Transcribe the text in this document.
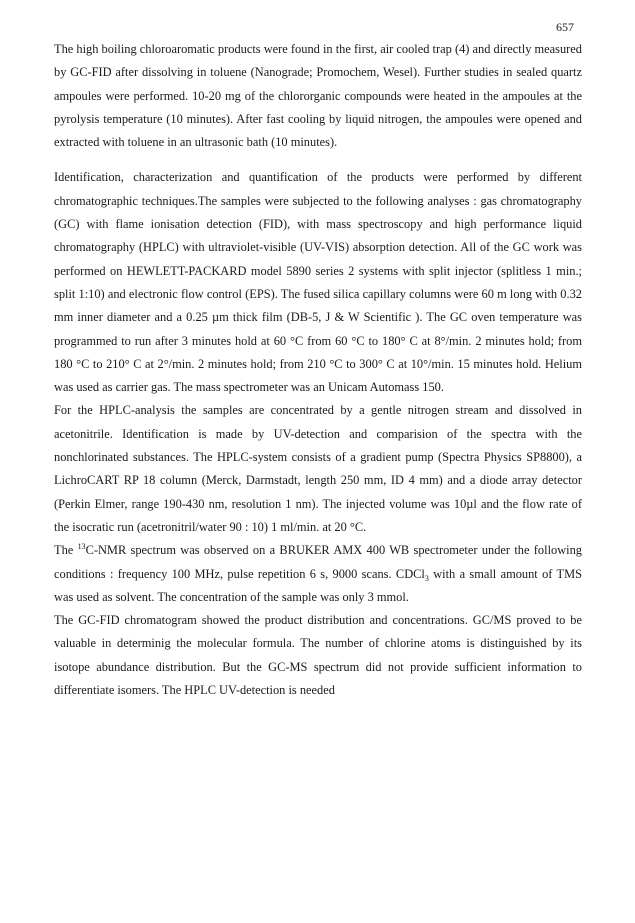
657

The high boiling chloroaromatic products were found in the first, air cooled trap (4) and directly measured by GC-FID after dissolving in toluene (Nanograde; Promochem, Wesel). Further studies in sealed quartz ampoules were performed. 10-20 mg of the chlororganic compounds were heated in the ampoules at the pyrolysis temperature (10 minutes). After fast cooling by liquid nitrogen, the ampoules were opened and extracted with toluene in an ultrasonic bath (10 minutes).

Identification, characterization and quantification of the products were performed by different chromatographic techniques.The samples were subjected to the following analyses : gas chromatography (GC) with flame ionisation detection (FID), with mass spectroscopy and high performance liquid chromatography (HPLC) with ultraviolet-visible (UV-VIS) absorption detection. All of the GC work was performed on HEWLETT-PACKARD model 5890 series 2 systems with split injector (splitless 1 min.; split 1:10) and electronic flow control (EPS). The fused silica capillary columns were 60 m long with 0.32 mm inner diameter and a 0.25 µm thick film (DB-5, J & W Scientific ). The GC oven temperature was programmed to run after 3 minutes hold at 60 °C from 60 °C to 180° C at 8°/min. 2 minutes hold; from 180 °C to 210° C at 2°/min. 2 minutes hold; from 210 °C to 300° C at 10°/min. 15 minutes hold. Helium was used as carrier gas. The mass spectrometer was an Unicam Automass 150.

For the HPLC-analysis the samples are concentrated by a gentle nitrogen stream and dissolved in acetonitrile. Identification is made by UV-detection and comparision of the spectra with the nonchlorinated substances. The HPLC-system consists of a gradient pump (Spectra Physics SP8800), a LichroCART RP 18 column (Merck, Darmstadt, length 250 mm, ID 4 mm) and a diode array detector (Perkin Elmer, range 190-430 nm, resolution 1 nm). The injected volume was 10µl and the flow rate of the isocratic run (acetronitril/water 90 : 10) 1 ml/min. at 20 °C.

The $^{13}$C-NMR spectrum was observed on a BRUKER AMX 400 WB spectrometer under the following conditions : frequency 100 MHz, pulse repetition 6 s, 9000 scans. CDCl$_3$ with a small amount of TMS was used as solvent. The concentration of the sample was only 3 mmol.

The GC-FID chromatogram showed the product distribution and concentrations. GC/MS proved to be valuable in determinig the molecular formula. The number of chlorine atoms is distinguished by its isotope abundance distribution. But the GC-MS spectrum did not provide sufficient information to differentiate isomers. The HPLC UV-detection is needed
